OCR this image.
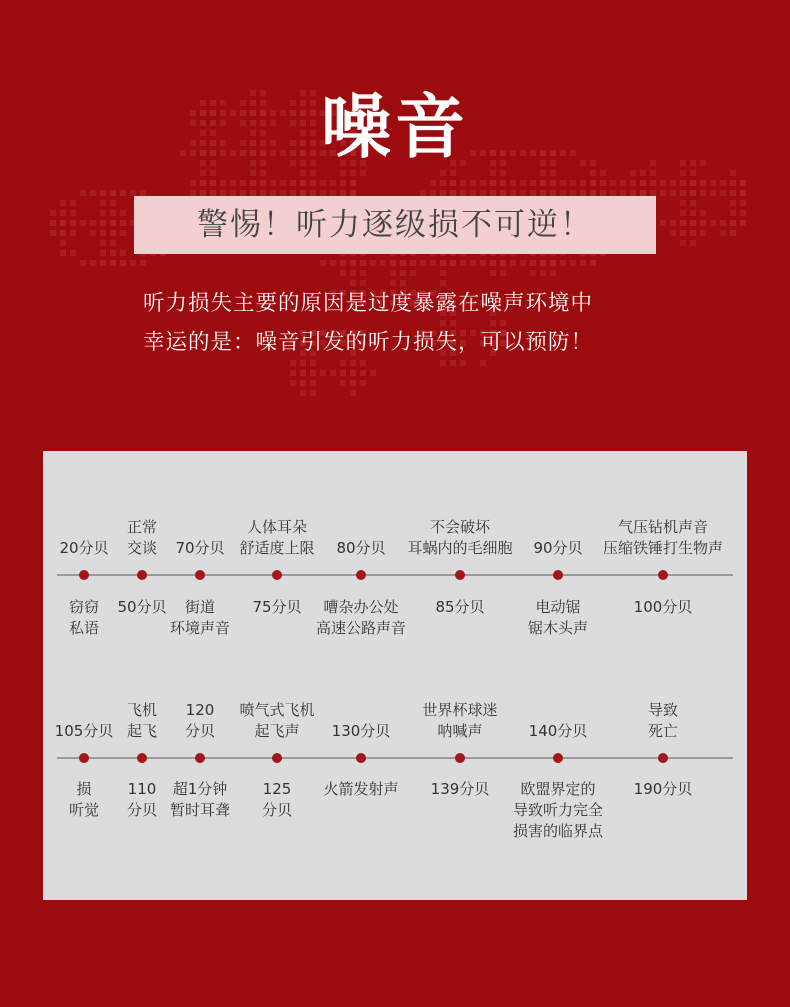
噪音
警惕！听力逐级损不可逆！
听力损失主要的原因是过度暴露在噪声环境中
幸运的是：噪音引发的听力损失，可以预防！
20分贝
窃窃
私语
正常
交谈
50分贝
70分贝
街道
环境声音
人体耳朵
舒适度上限
75分贝
80分贝
嘈杂办公处
高速公路声音
不会破坏
耳蜗内的毛细胞
85分贝
90分贝
电动锯
锯木头声
气压钻机声音
压缩铁锤打生物声
100分贝
105分贝
损
听觉
飞机
起飞
110
分贝
120
分贝
超1分钟
暂时耳聋
喷气式飞机
起飞声
125
分贝
130分贝
火箭发射声
世界杯球迷
呐喊声
139分贝
140分贝
欧盟界定的
导致听力完全
损害的临界点
导致
死亡
190分贝
